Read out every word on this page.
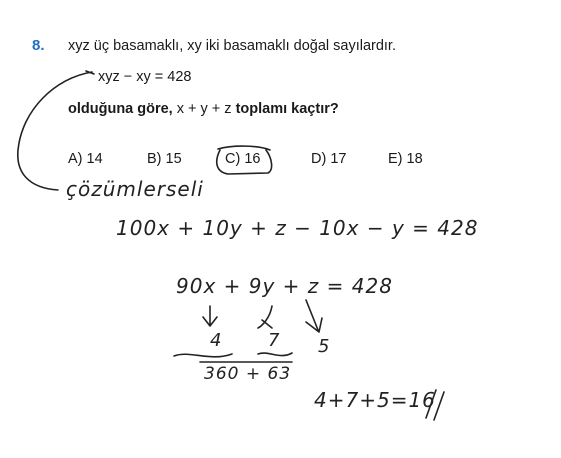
8. xyz üç basamaklı, xy iki basamaklı doğal sayılardır.
xyz − xy = 428
olduğuna göre, x + y + z toplamı kaçtır?
A) 14	B) 15	C) 16	D) 17	E) 18
çözümlerseli
100x + 10y + z − 10x − y = 428
90x + 9y + z = 428
4	7 5
360 + 63
4+7+5=16
